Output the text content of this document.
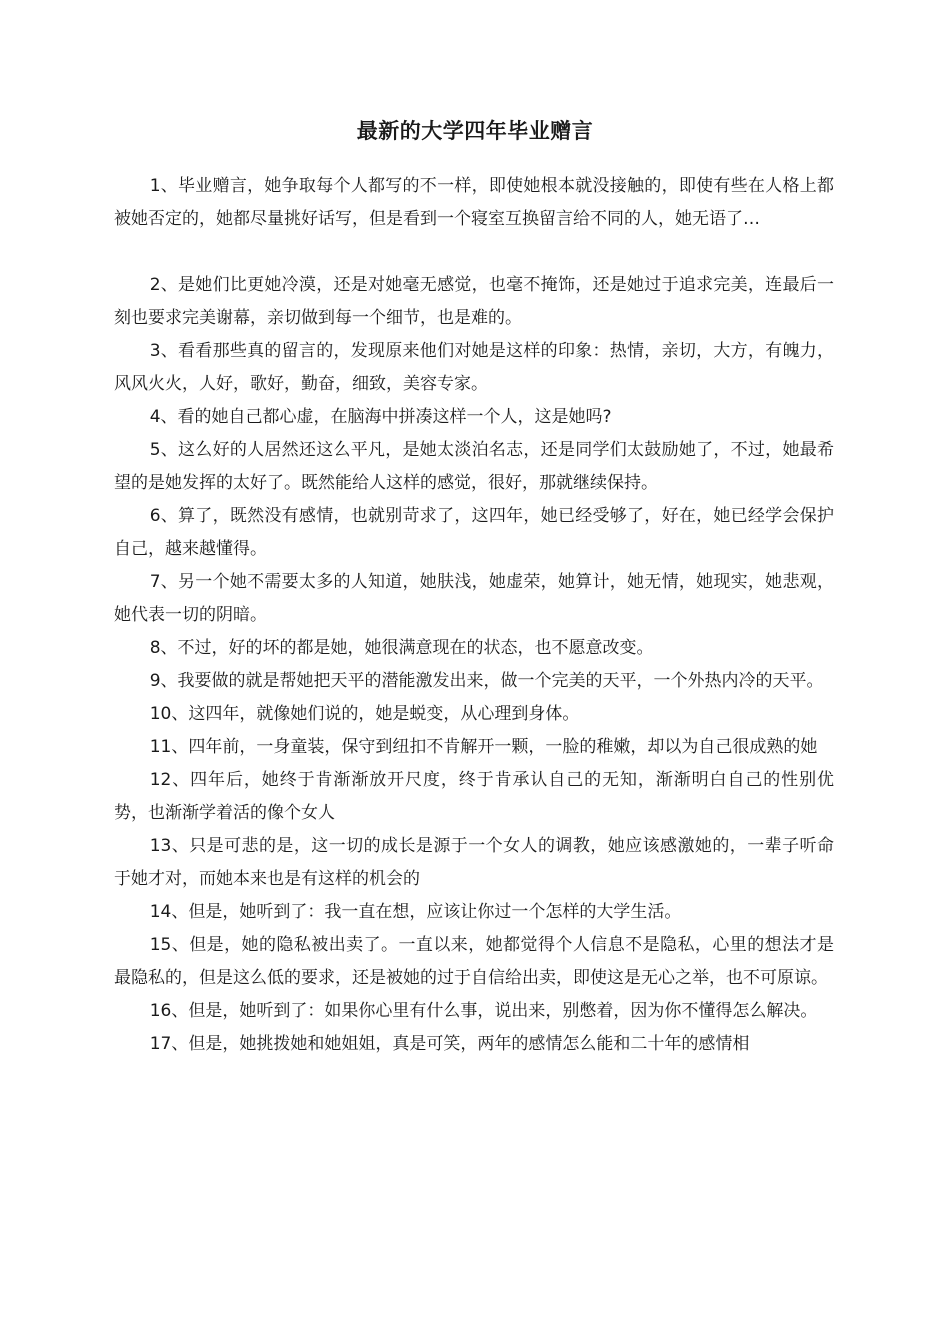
最新的大学四年毕业赠言

1、毕业赠言，她争取每个人都写的不一样，即使她根本就没接触的，即使有些在人格上都被她否定的，她都尽量挑好话写，但是看到一个寝室互换留言给不同的人，她无语了…

2、是她们比更她冷漠，还是对她毫无感觉，也毫不掩饰，还是她过于追求完美，连最后一刻也要求完美谢幕，亲切做到每一个细节，也是难的。

3、看看那些真的留言的，发现原来他们对她是这样的印象：热情，亲切，大方，有魄力，风风火火，人好，歌好，勤奋，细致，美容专家。

4、看的她自己都心虚，在脑海中拼凑这样一个人，这是她吗?

5、这么好的人居然还这么平凡，是她太淡泊名志，还是同学们太鼓励她了，不过，她最希望的是她发挥的太好了。既然能给人这样的感觉，很好，那就继续保持。

6、算了，既然没有感情，也就别苛求了，这四年，她已经受够了，好在，她已经学会保护自己，越来越懂得。

7、另一个她不需要太多的人知道，她肤浅，她虚荣，她算计，她无情，她现实，她悲观，她代表一切的阴暗。

8、不过，好的坏的都是她，她很满意现在的状态，也不愿意改变。

9、我要做的就是帮她把天平的潜能激发出来，做一个完美的天平，一个外热内冷的天平。

10、这四年，就像她们说的，她是蜕变，从心理到身体。

11、四年前，一身童装，保守到纽扣不肯解开一颗，一脸的稚嫩，却以为自己很成熟的她

12、四年后，她终于肯渐渐放开尺度，终于肯承认自己的无知，渐渐明白自己的性别优势，也渐渐学着活的像个女人

13、只是可悲的是，这一切的成长是源于一个女人的调教，她应该感激她的，一辈子听命于她才对，而她本来也是有这样的机会的

14、但是，她听到了：我一直在想，应该让你过一个怎样的大学生活。

15、但是，她的隐私被出卖了。一直以来，她都觉得个人信息不是隐私，心里的想法才是最隐私的，但是这么低的要求，还是被她的过于自信给出卖，即使这是无心之举，也不可原谅。

16、但是，她听到了：如果你心里有什么事，说出来，别憋着，因为你不懂得怎么解决。

17、但是，她挑拨她和她姐姐，真是可笑，两年的感情怎么能和二十年的感情相
